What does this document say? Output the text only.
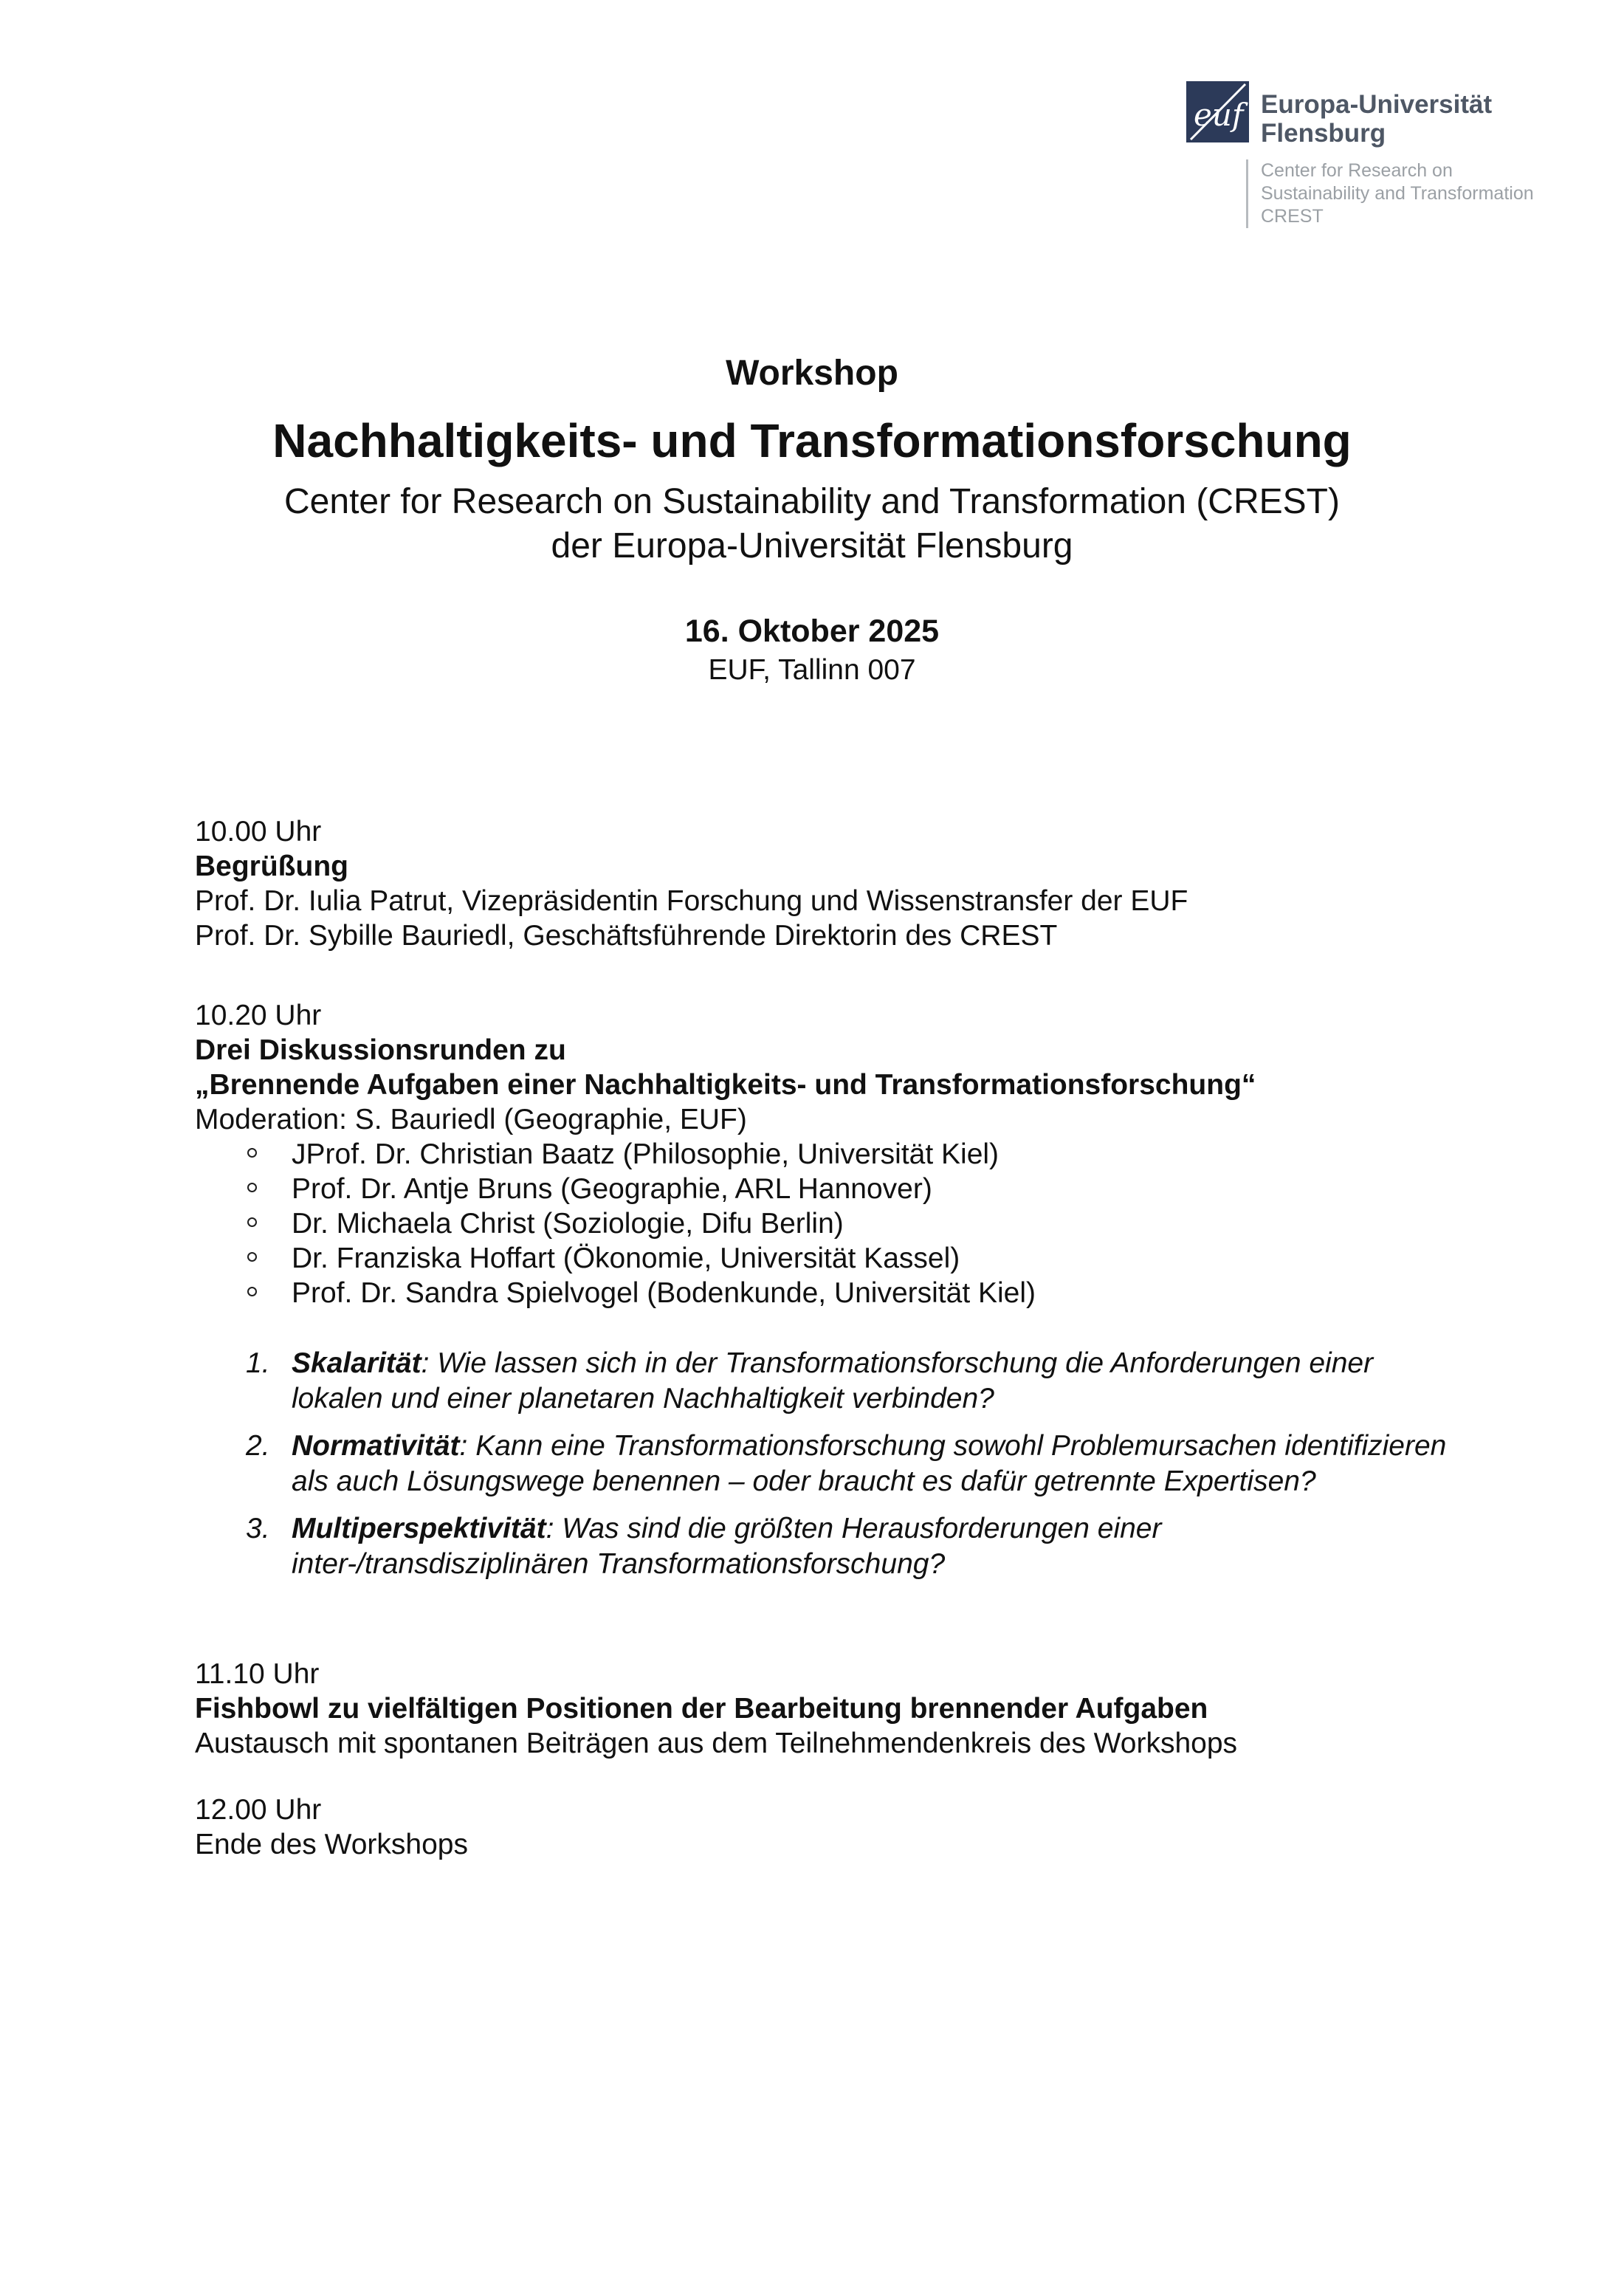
euf Europa-Universität
Flensburg
Center for Research on
Sustainability and Transformation
CREST
Workshop
Nachhaltigkeits- und Transformationsforschung
Center for Research on Sustainability and Transformation (CREST)
der Europa-Universität Flensburg
16. Oktober 2025
EUF, Tallinn 007
10.00 Uhr
Begrüßung
Prof. Dr. Iulia Patrut, Vizepräsidentin Forschung und Wissenstransfer der EUF
Prof. Dr. Sybille Bauriedl, Geschäftsführende Direktorin des CREST
10.20 Uhr
Drei Diskussionsrunden zu
„Brennende Aufgaben einer Nachhaltigkeits- und Transformationsforschung“
Moderation: S. Bauriedl (Geographie, EUF)
JProf. Dr. Christian Baatz (Philosophie, Universität Kiel)
Prof. Dr. Antje Bruns (Geographie, ARL Hannover)
Dr. Michaela Christ (Soziologie, Difu Berlin)
Dr. Franziska Hoffart (Ökonomie, Universität Kassel)
Prof. Dr. Sandra Spielvogel (Bodenkunde, Universität Kiel)
1. Skalarität: Wie lassen sich in der Transformationsforschung die Anforderungen einer lokalen und einer planetaren Nachhaltigkeit verbinden?
2. Normativität: Kann eine Transformationsforschung sowohl Problemursachen identifizieren als auch Lösungswege benennen – oder braucht es dafür getrennte Expertisen?
3. Multiperspektivität: Was sind die größten Herausforderungen einer inter-/transdisziplinären Transformationsforschung?
11.10 Uhr
Fishbowl zu vielfältigen Positionen der Bearbeitung brennender Aufgaben
Austausch mit spontanen Beiträgen aus dem Teilnehmendenkreis des Workshops
12.00 Uhr
Ende des Workshops
